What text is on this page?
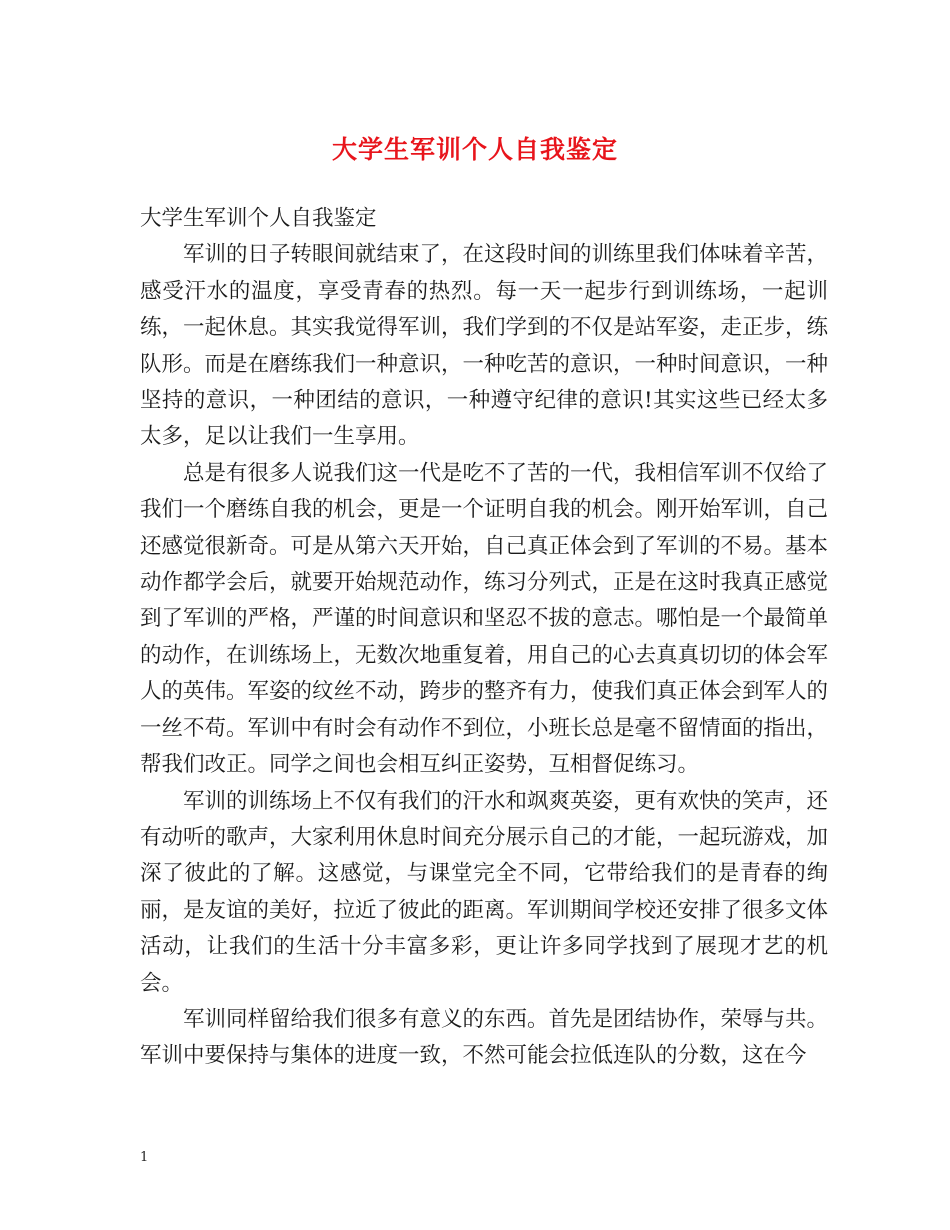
大学生军训个人自我鉴定

大学生军训个人自我鉴定

军训的日子转眼间就结束了，在这段时间的训练里我们体味着辛苦，感受汗水的温度，享受青春的热烈。每一天一起步行到训练场，一起训练，一起休息。其实我觉得军训，我们学到的不仅是站军姿，走正步，练队形。而是在磨练我们一种意识，一种吃苦的意识，一种时间意识，一种坚持的意识，一种团结的意识，一种遵守纪律的意识!其实这些已经太多太多，足以让我们一生享用。

总是有很多人说我们这一代是吃不了苦的一代，我相信军训不仅给了我们一个磨练自我的机会，更是一个证明自我的机会。刚开始军训，自己还感觉很新奇。可是从第六天开始，自己真正体会到了军训的不易。基本动作都学会后，就要开始规范动作，练习分列式，正是在这时我真正感觉到了军训的严格，严谨的时间意识和坚忍不拔的意志。哪怕是一个最简单的动作，在训练场上，无数次地重复着，用自己的心去真真切切的体会军人的英伟。军姿的纹丝不动，跨步的整齐有力，使我们真正体会到军人的一丝不苟。军训中有时会有动作不到位，小班长总是毫不留情面的指出，帮我们改正。同学之间也会相互纠正姿势，互相督促练习。

军训的训练场上不仅有我们的汗水和飒爽英姿，更有欢快的笑声，还有动听的歌声，大家利用休息时间充分展示自己的才能，一起玩游戏，加深了彼此的了解。这感觉，与课堂完全不同，它带给我们的是青春的绚丽，是友谊的美好，拉近了彼此的距离。军训期间学校还安排了很多文体活动，让我们的生活十分丰富多彩，更让许多同学找到了展现才艺的机会。

军训同样留给我们很多有意义的东西。首先是团结协作，荣辱与共。军训中要保持与集体的进度一致，不然可能会拉低连队的分数，这在今

1
